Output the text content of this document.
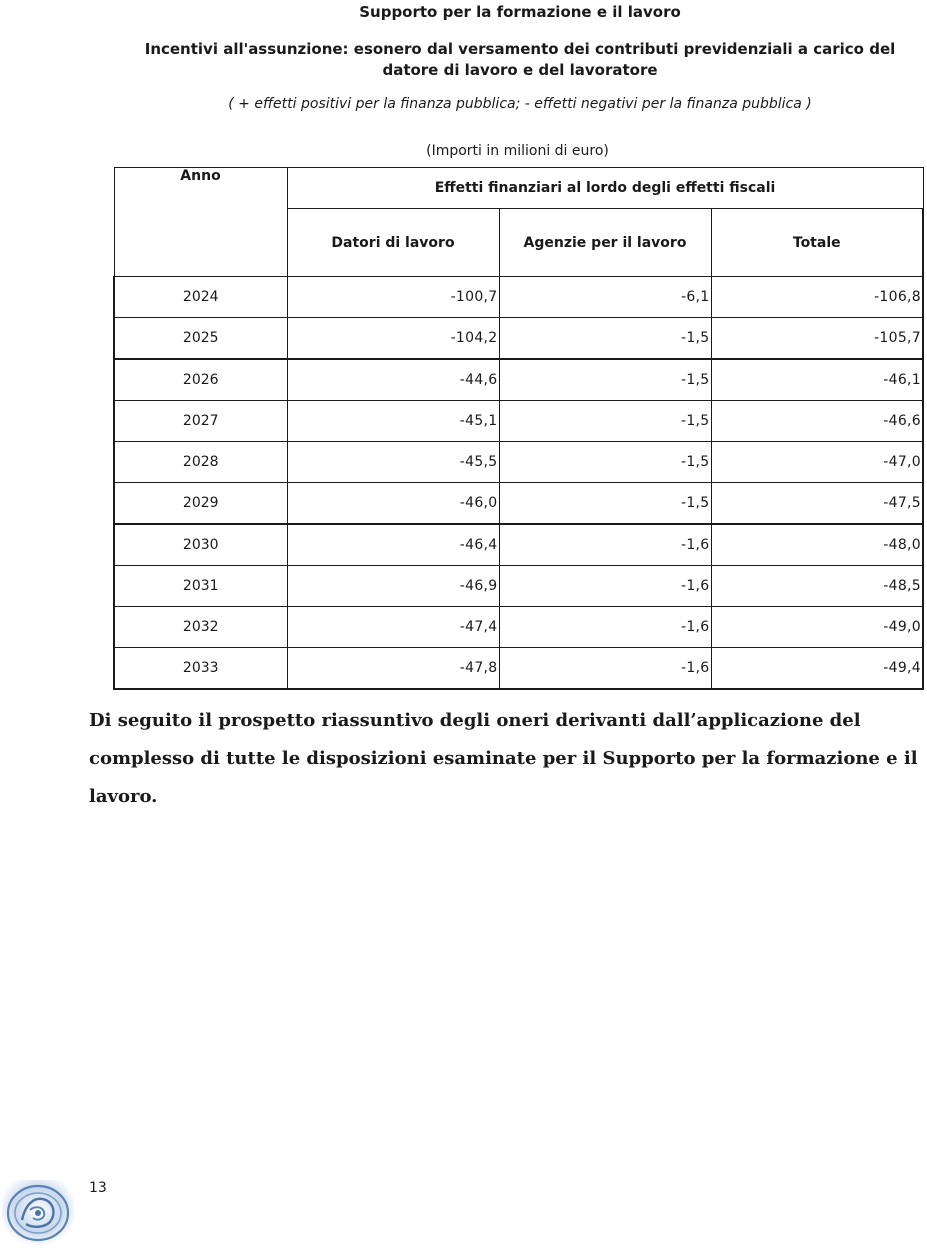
Supporto per la formazione e il lavoro
Incentivi all'assunzione: esonero dal versamento dei contributi previdenziali a carico del datore di lavoro e del lavoratore
( + effetti positivi per la finanza pubblica; - effetti negativi per la finanza pubblica )
(Importi in milioni di euro)
Anno	Effetti finanziari al lordo degli effetti fiscali		
	Datori di lavoro	Agenzie per il lavoro	Totale
2024	-100,7	-6,1	-106,8
2025	-104,2	-1,5	-105,7
2026	-44,6	-1,5	-46,1
2027	-45,1	-1,5	-46,6
2028	-45,5	-1,5	-47,0
2029	-46,0	-1,5	-47,5
2030	-46,4	-1,6	-48,0
2031	-46,9	-1,6	-48,5
2032	-47,4	-1,6	-49,0
2033	-47,8	-1,6	-49,4
Di seguito il prospetto riassuntivo degli oneri derivanti dall’applicazione del complesso di tutte le disposizioni esaminate per il Supporto per la formazione e il lavoro.
13
